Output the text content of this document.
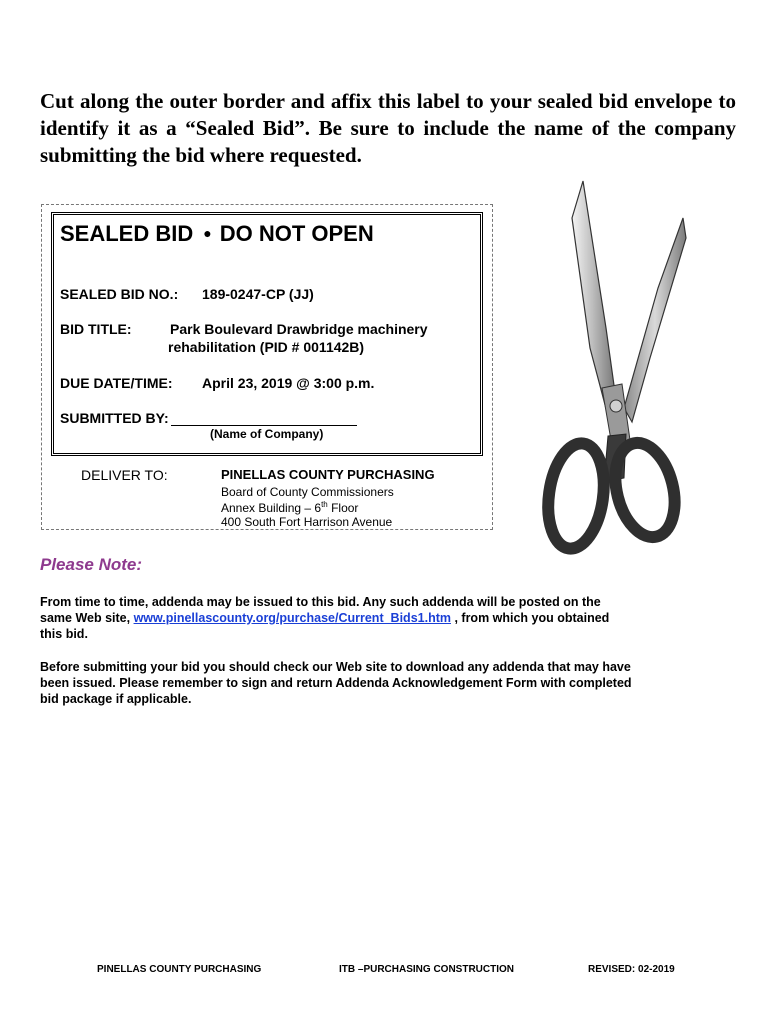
Cut along the outer border and affix this label to your sealed bid envelope to identify it as a “Sealed Bid”. Be sure to include the name of the company submitting the bid where requested.

SEALED BID ● DO NOT OPEN
SEALED BID NO.: 189-0247-CP (JJ)
BID TITLE:	Park Boulevard Drawbridge machinery
rehabilitation (PID # 001142B)
DUE DATE/TIME: April 23, 2019 @ 3:00 p.m.
SUBMITTED BY:
(Name of Company)
DELIVER TO:	PINELLAS COUNTY PURCHASING
Board of County Commissioners
Annex Building – 6th Floor
400 South Fort Harrison Avenue
Please Note:

From time to time, addenda may be issued to this bid. Any such addenda will be posted on the same Web site, www.pinellascounty.org/purchase/Current_Bids1.htm , from which you obtained this bid.

Before submitting your bid you should check our Web site to download any addenda that may have been issued. Please remember to sign and return Addenda Acknowledgement Form with completed bid package if applicable.

PINELLAS COUNTY PURCHASING	ITB –PURCHASING CONSTRUCTION	REVISED: 02-2019
